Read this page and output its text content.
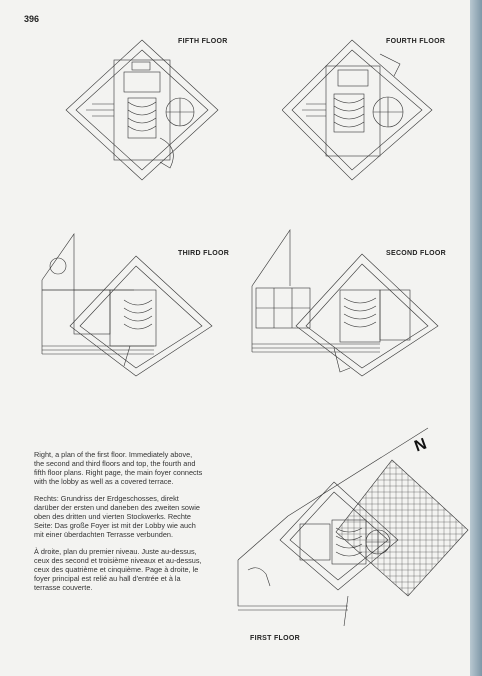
396
FIFTH FLOOR	FOURTH FLOOR
THIRD FLOOR	SECOND FLOOR
N
FIRST FLOOR

Right, a plan of the first floor. Immediately above, the second and third floors and top, the fourth and fifth floor plans. Right page, the main foyer connects with the lobby as well as a covered terrace.

Rechts: Grundriss der Erdgeschosses, direkt darüber der ersten und daneben des zweiten sowie oben des dritten und vierten Stockwerks. Rechte Seite: Das große Foyer ist mit der Lobby wie auch mit einer überdachten Terrasse verbunden.

À droite, plan du premier niveau. Juste au-dessus, ceux des second et troisième niveaux et au-dessus, ceux des quatrième et cinquième. Page à droite, le foyer principal est relié au hall d'entrée et à la terrasse couverte.
